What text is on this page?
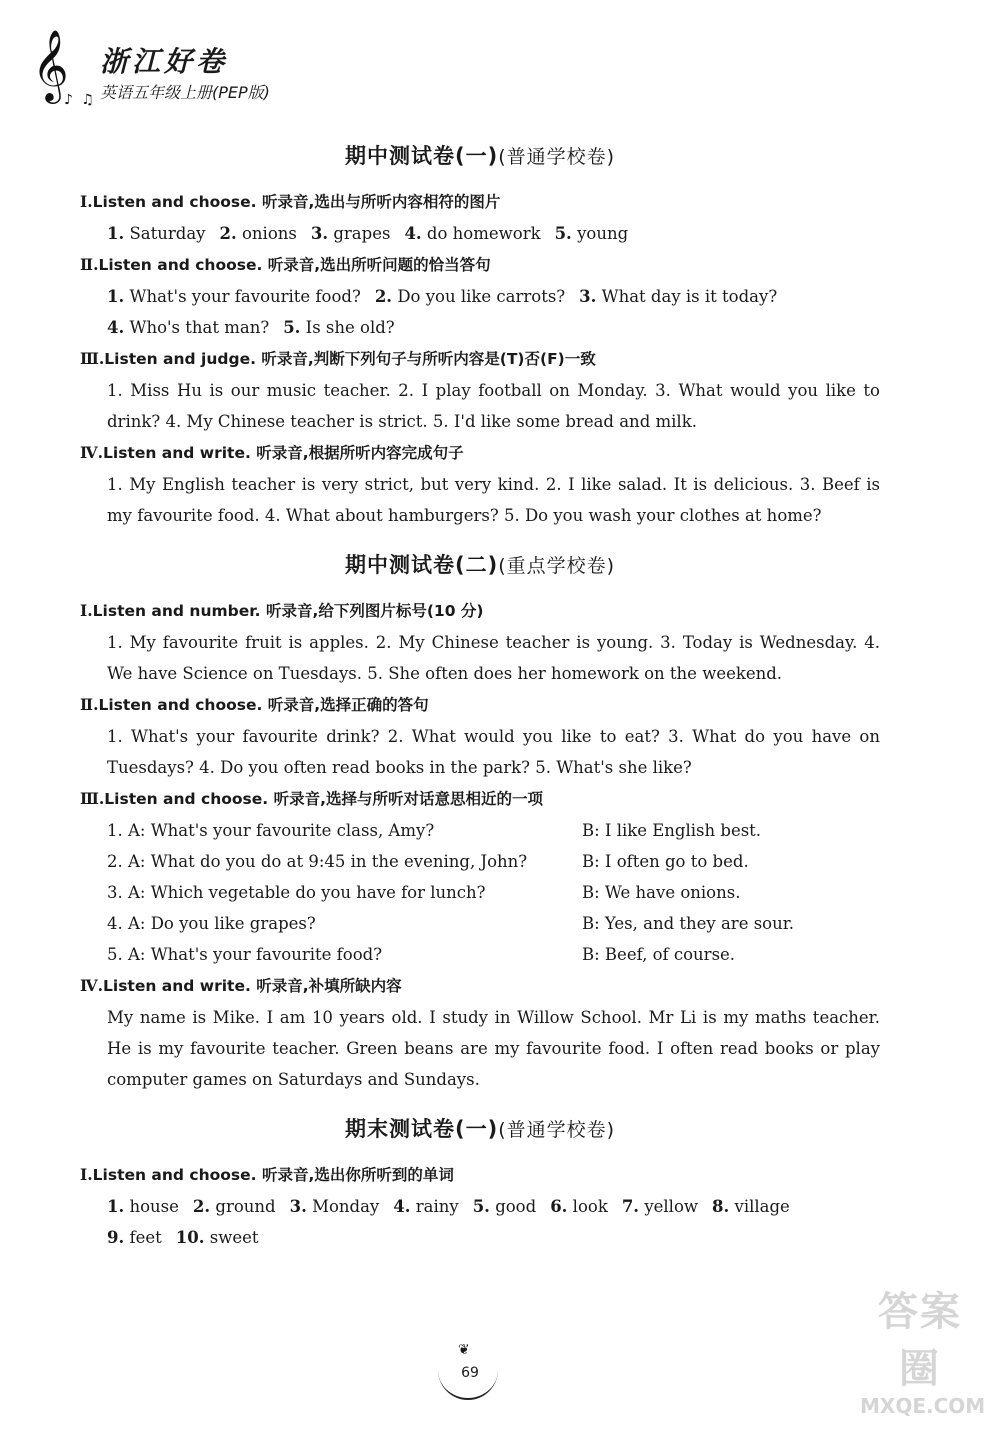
𝄞 浙江好卷
英语五年级上册(PEP版)
♪ ♫
期中测试卷(一)(普通学校卷)
Ⅰ.Listen and choose. 听录音,选出与所听内容相符的图片
1. Saturday 2. onions 3. grapes 4. do homework 5. young
Ⅱ.Listen and choose. 听录音,选出所听问题的恰当答句
1. What's your favourite food? 2. Do you like carrots? 3. What day is it today?
4. Who's that man? 5. Is she old?
Ⅲ.Listen and judge. 听录音,判断下列句子与所听内容是(T)否(F)一致
1. Miss Hu is our music teacher. 2. I play football on Monday. 3. What would you like to drink? 4. My Chinese teacher is strict. 5. I'd like some bread and milk.
Ⅳ.Listen and write. 听录音,根据所听内容完成句子
1. My English teacher is very strict, but very kind. 2. I like salad. It is delicious. 3. Beef is my favourite food. 4. What about hamburgers? 5. Do you wash your clothes at home?
期中测试卷(二)(重点学校卷)
Ⅰ.Listen and number. 听录音,给下列图片标号(10 分)
1. My favourite fruit is apples. 2. My Chinese teacher is young. 3. Today is Wednesday. 4. We have Science on Tuesdays. 5. She often does her homework on the weekend.
Ⅱ.Listen and choose. 听录音,选择正确的答句
1. What's your favourite drink? 2. What would you like to eat? 3. What do you have on Tuesdays? 4. Do you often read books in the park? 5. What's she like?
Ⅲ.Listen and choose. 听录音,选择与所听对话意思相近的一项
1. A: What's your favourite class, Amy?	B: I like English best.
2. A: What do you do at 9:45 in the evening, John?	B: I often go to bed.
3. A: Which vegetable do you have for lunch?	B: We have onions.
4. A: Do you like grapes?	B: Yes, and they are sour.
5. A: What's your favourite food?	B: Beef, of course.
Ⅳ.Listen and write. 听录音,补填所缺内容
My name is Mike. I am 10 years old. I study in Willow School. Mr Li is my maths teacher. He is my favourite teacher. Green beans are my favourite food. I often read books or play computer games on Saturdays and Sundays.
期末测试卷(一)(普通学校卷)
Ⅰ.Listen and choose. 听录音,选出你所听到的单词
1. house 2. ground 3. Monday 4. rainy 5. good 6. look 7. yellow 8. village
9. feet 10. sweet
❦
69
答案圈
MXQE.COM
